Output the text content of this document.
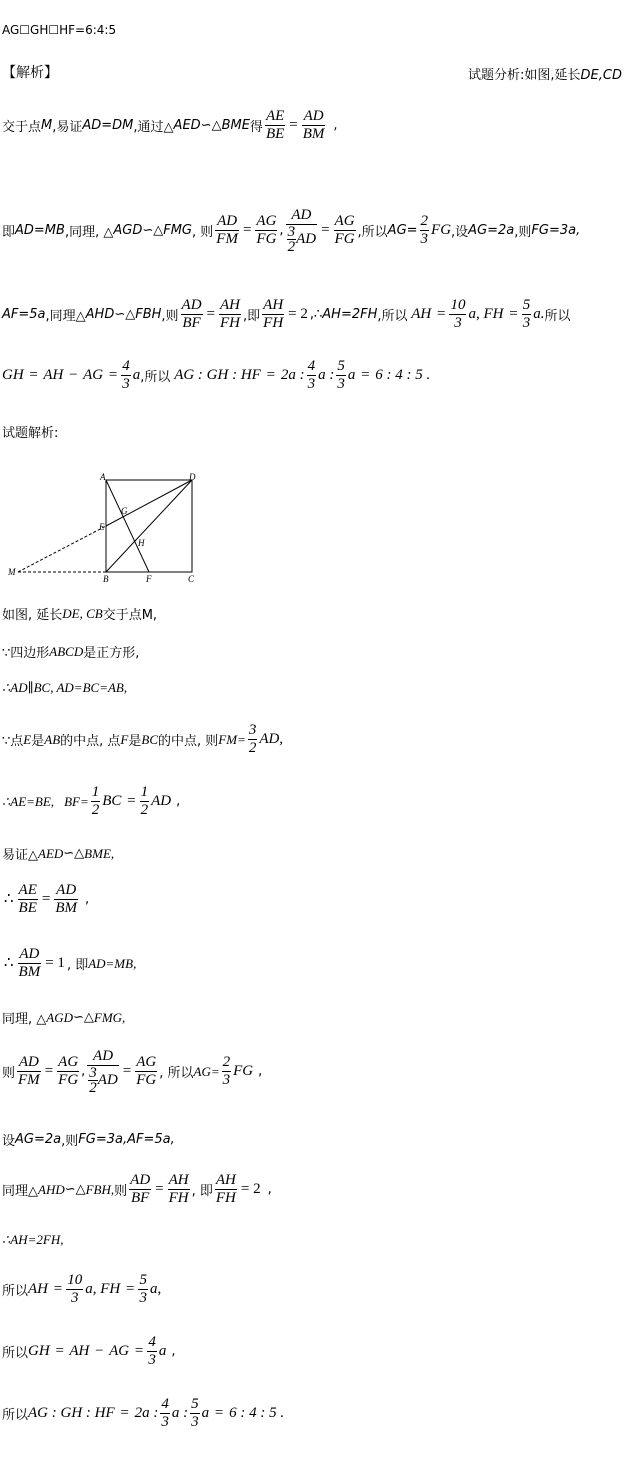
AG☐GH☐HF=6:4:5
【解析】	试题分析:如图,延长DE,CD
交于点 M ,易证 AD=DM ,通过△ AED ∽△ BME 得 $\frac{AE}{BE} = \frac{AD}{BM}$ ,
即 AD=MB ,同理, △ AGD ∽△ FMG , 则 $\frac{AD}{FM} = \frac{AG}{FG}$ , $\frac{AD}{\frac{3}{2} AD} = \frac{AG}{FG}$ ,所以 $AG= \frac{2}{3}$ FG ,设 AG=2a ,则 FG=3a,
AF=5a ,同理△ AHD ∽△ FBH ,则 $\frac{AD}{BF} = \frac{AH}{FH}$ ,即 $\frac{AH}{FH} = 2$ ,∴ AH=2FH ,所以 AH = $\frac{10}{3} a$, FH = $\frac{5}{3} a$. 所以
GH = AH − AG = $\frac{4}{3}$ a ,所以 AG : GH : HF = 2a : $\frac{4}{3}$ a : $\frac{5}{3}$ a = 6 : 4 : 5 .
试题解析:
A	D
G
E
H
M
B	F	C
如图, 延长 DE, CB 交于点M,
∵四边形 ABCD 是正方形,
∴AD∥BC, AD=BC=AB,
∵点 E 是 AB 的中点, 点 F 是 BC 的中点, 则 $FM= \frac{3}{2}$ AD,
∴AE=BE, $BF= \frac{1}{2}$ BC = $\frac{1}{2}$ AD ,
易证△ AED ∽△ BME,
∴ $\frac{AE}{BE} = \frac{AD}{BM}$ ,
∴ $\frac{AD}{BM} = 1$ , 即 AD=MB,
同理, △ AGD ∽△ FMG,
则 $\frac{AD}{FM} = \frac{AG}{FG}$ , $\frac{AD}{\frac{3}{2} AD} = \frac{AG}{FG}$ , 所以 $AG= \frac{2}{3}$ FG ,
设 AG=2a ,则 FG=3a,AF=5a,
同理△ AHD ∽△ FBH, 则 $\frac{AD}{BF} = \frac{AH}{FH}$ , 即 $\frac{AH}{FH} = 2$ ,
∴AH=2FH,
所以 AH = $\frac{10}{3} a$, FH = $\frac{5}{3} a$,
所以 GH = AH − AG = $\frac{4}{3}$ a ,
所以 AG : GH : HF = 2a : $\frac{4}{3}$ a : $\frac{5}{3}$ a = 6 : 4 : 5 .
